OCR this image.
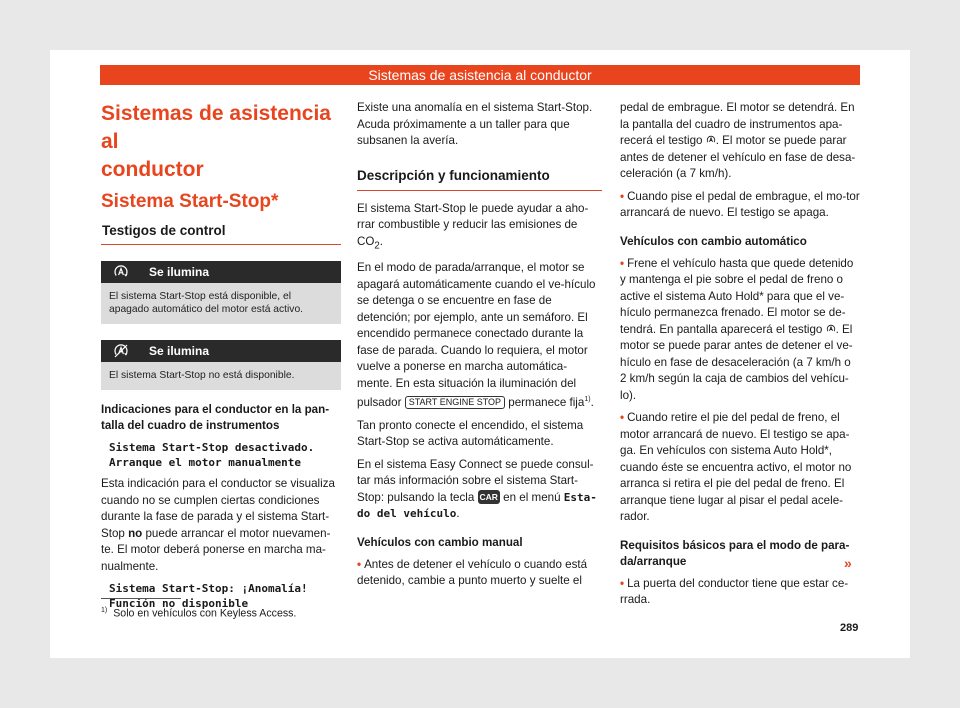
Sistemas de asistencia al conductor
Sistemas de asistencia al
conductor
Sistema Start-Stop*
Testigos de control
Se ilumina
El sistema Start-Stop está disponible, el apagado automático del motor está activo.
Se ilumina
El sistema Start-Stop no está disponible.
Indicaciones para el conductor en la pan-
talla del cuadro de instrumentos
Sistema Start-Stop desactivado.
Arranque el motor manualmente

Esta indicación para el conductor se visualiza cuando no se cumplen ciertas condiciones durante la fase de parada y el sistema Start-Stop no puede arrancar el motor nuevamen-te. El motor deberá ponerse en marcha ma-nualmente.

Sistema Start-Stop: ¡Anomalía!
Función no disponible

Existe una anomalía en el sistema Start-Stop. Acuda próximamente a un taller para que subsanen la avería.

Descripción y funcionamiento

El sistema Start-Stop le puede ayudar a aho-rrar combustible y reducir las emisiones de $CO_2$.

En el modo de parada/arranque, el motor se apagará automáticamente cuando el ve-hículo se detenga o se encuentre en fase de detención; por ejemplo, ante un semáforo. El encendido permanece conectado durante la fase de parada. Cuando lo requiera, el motor vuelve a ponerse en marcha automática-mente. En esta situación la iluminación del pulsador START ENGINE STOP permanece fija$^{1)}$.

Tan pronto conecte el encendido, el sistema Start-Stop se activa automáticamente.

En el sistema Easy Connect se puede consul-tar más información sobre el sistema Start-Stop: pulsando la tecla CAR en el menú Esta-do del vehículo.

Vehículos con cambio manual

• Antes de detener el vehículo o cuando está detenido, cambie a punto muerto y suelte el

pedal de embrague. El motor se detendrá. En la pantalla del cuadro de instrumentos apa-recerá el testigo . El motor se puede parar antes de detener el vehículo en fase de desa-celeración (a 7 km/h).

• Cuando pise el pedal de embrague, el mo-tor arrancará de nuevo. El testigo se apaga.

Vehículos con cambio automático

• Frene el vehículo hasta que quede detenido y mantenga el pie sobre el pedal de freno o active el sistema Auto Hold* para que el ve-hículo permanezca frenado. El motor se de-tendrá. En pantalla aparecerá el testigo . El motor se puede parar antes de detener el ve-hículo en fase de desaceleración (a 7 km/h o 2 km/h según la caja de cambios del vehícu-lo).

• Cuando retire el pie del pedal de freno, el motor arrancará de nuevo. El testigo se apa-ga. En vehículos con sistema Auto Hold*, cuando éste se encuentra activo, el motor no arranca si retira el pie del pedal de freno. El arranque tiene lugar al pisar el pedal acele-rador.

Requisitos básicos para el modo de para-da/arranque

• La puerta del conductor tiene que estar ce-rrada.

»
$^{1)}$ Solo en vehículos con Keyless Access.
289
